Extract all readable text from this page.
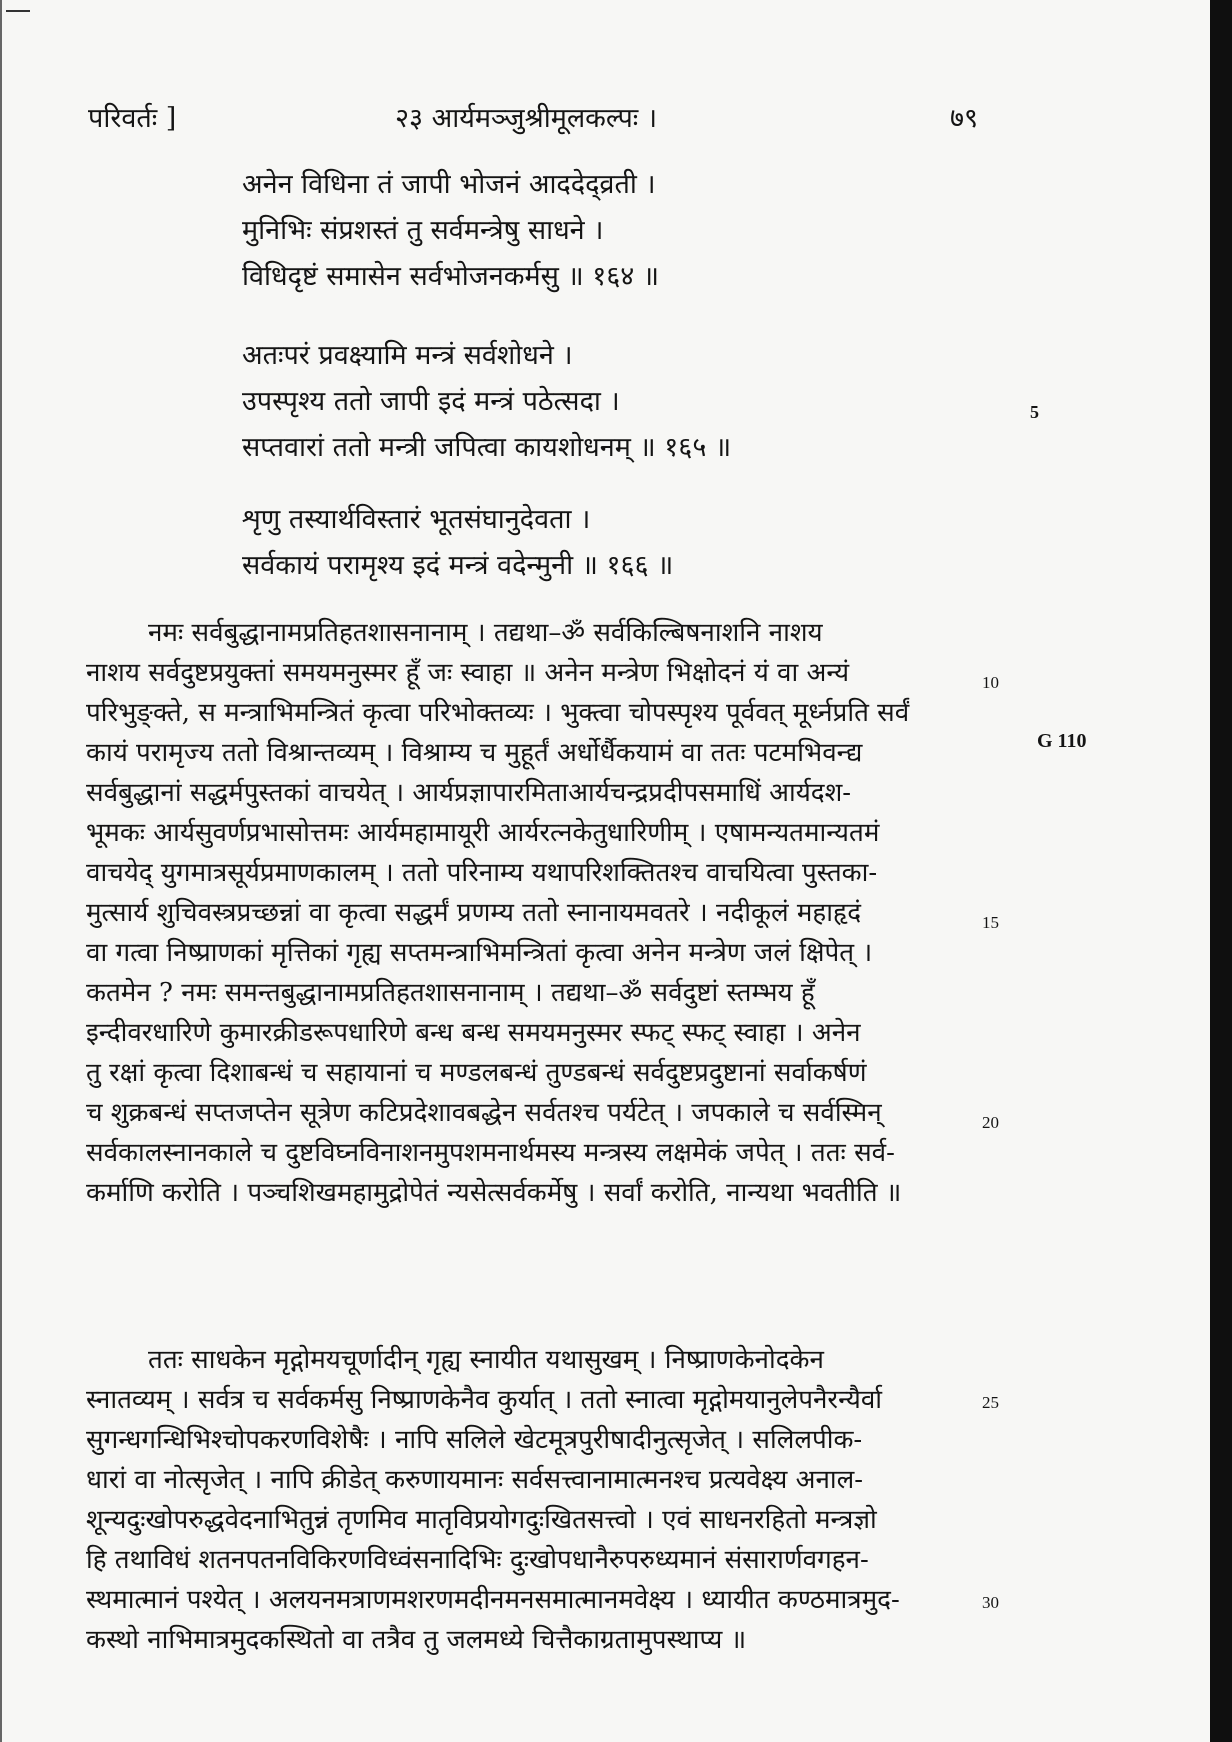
परिवर्तः ]	२३ आर्यमञ्जुश्रीमूलकल्पः ।	७९
अनेन विधिना तं जापी भोजनं आददेद्व्रती ।
मुनिभिः संप्रशस्तं तु सर्वमन्त्रेषु साधने ।
विधिदृष्टं समासेन सर्वभोजनकर्मसु ॥ १६४ ॥
अतःपरं प्रवक्ष्यामि मन्त्रं सर्वशोधने ।
उपस्पृश्य ततो जापी इदं मन्त्रं पठेत्सदा ।
सप्तवारां ततो मन्त्री जपित्वा कायशोधनम् ॥ १६५ ॥
5
शृणु तस्यार्थविस्तारं भूतसंघानुदेवता ।
सर्वकायं परामृश्य इदं मन्त्रं वदेन्मुनी ॥ १६६ ॥
नमः सर्वबुद्धानामप्रतिहतशासनानाम् । तद्यथा–ॐ सर्वकिल्बिषनाशनि नाशय
नाशय सर्वदुष्टप्रयुक्तां समयमनुस्मर हूँ जः स्वाहा ॥ अनेन मन्त्रेण भिक्षोदनं यं वा अन्यं
परिभुङ्क्ते, स मन्त्राभिमन्त्रितं कृत्वा परिभोक्तव्यः । भुक्त्वा चोपस्पृश्य पूर्ववत् मूर्ध्नप्रति सर्वं
कायं परामृज्य ततो विश्रान्तव्यम् । विश्राम्य च मुहूर्तं अर्धोर्धैकयामं वा ततः पटमभिवन्द्य
सर्वबुद्धानां सद्धर्मपुस्तकां वाचयेत् । आर्यप्रज्ञापारमिताआर्यचन्द्रप्रदीपसमाधिं आर्यदश-
भूमकः आर्यसुवर्णप्रभासोत्तमः आर्यमहामायूरी आर्यरत्नकेतुधारिणीम् । एषामन्यतमान्यतमं
वाचयेद् युगमात्रसूर्यप्रमाणकालम् । ततो परिनाम्य यथापरिशक्तितश्च वाचयित्वा पुस्तका-
मुत्सार्य शुचिवस्त्रप्रच्छन्नां वा कृत्वा सद्धर्मं प्रणम्य ततो स्नानायमवतरे । नदीकूलं महाहृदं
वा गत्वा निष्प्राणकां मृत्तिकां गृह्य सप्तमन्त्राभिमन्त्रितां कृत्वा अनेन मन्त्रेण जलं क्षिपेत् ।
कतमेन ? नमः समन्तबुद्धानामप्रतिहतशासनानाम् । तद्यथा–ॐ सर्वदुष्टां स्तम्भय हूँ
इन्दीवरधारिणे कुमारक्रीडरूपधारिणे बन्ध बन्ध समयमनुस्मर स्फट् स्फट् स्वाहा । अनेन
तु रक्षां कृत्वा दिशाबन्धं च सहायानां च मण्डलबन्धं तुण्डबन्धं सर्वदुष्टप्रदुष्टानां सर्वाकर्षणं
च शुक्रबन्धं सप्तजप्तेन सूत्रेण कटिप्रदेशावबद्धेन सर्वतश्च पर्यटेत् । जपकाले च सर्वस्मिन्
सर्वकालस्नानकाले च दुष्टविघ्नविनाशनमुपशमनार्थमस्य मन्त्रस्य लक्षमेकं जपेत् । ततः सर्व-
कर्माणि करोति । पञ्चशिखमहामुद्रोपेतं न्यसेत्सर्वकर्मेषु । सर्वां करोति, नान्यथा भवतीति ॥
10
G 110
15
20
ततः साधकेन मृद्गोमयचूर्णादीन् गृह्य स्नायीत यथासुखम् । निष्प्राणकेनोदकेन
स्नातव्यम् । सर्वत्र च सर्वकर्मसु निष्प्राणकेनैव कुर्यात् । ततो स्नात्वा मृद्गोमयानुलेपनैरन्यैर्वा
सुगन्धगन्धिभिश्चोपकरणविशेषैः । नापि सलिले खेटमूत्रपुरीषादीनुत्सृजेत् । सलिलपीक-
धारां वा नोत्सृजेत् । नापि क्रीडेत् करुणायमानः सर्वसत्त्वानामात्मनश्च प्रत्यवेक्ष्य अनाल-
शून्यदुःखोपरुद्धवेदनाभितुन्नं तृणमिव मातृविप्रयोगदुःखितसत्त्वो । एवं साधनरहितो मन्त्रज्ञो
हि तथाविधं शतनपतनविकिरणविध्वंसनादिभिः दुःखोपधानैरुपरुध्यमानं संसारार्णवगहन-
स्थमात्मानं पश्येत् । अलयनमत्राणमशरणमदीनमनसमात्मानमवेक्ष्य । ध्यायीत कण्ठमात्रमुद-
कस्थो नाभिमात्रमुदकस्थितो वा तत्रैव तु जलमध्ये चित्तैकाग्रतामुपस्थाप्य ॥
25
30
